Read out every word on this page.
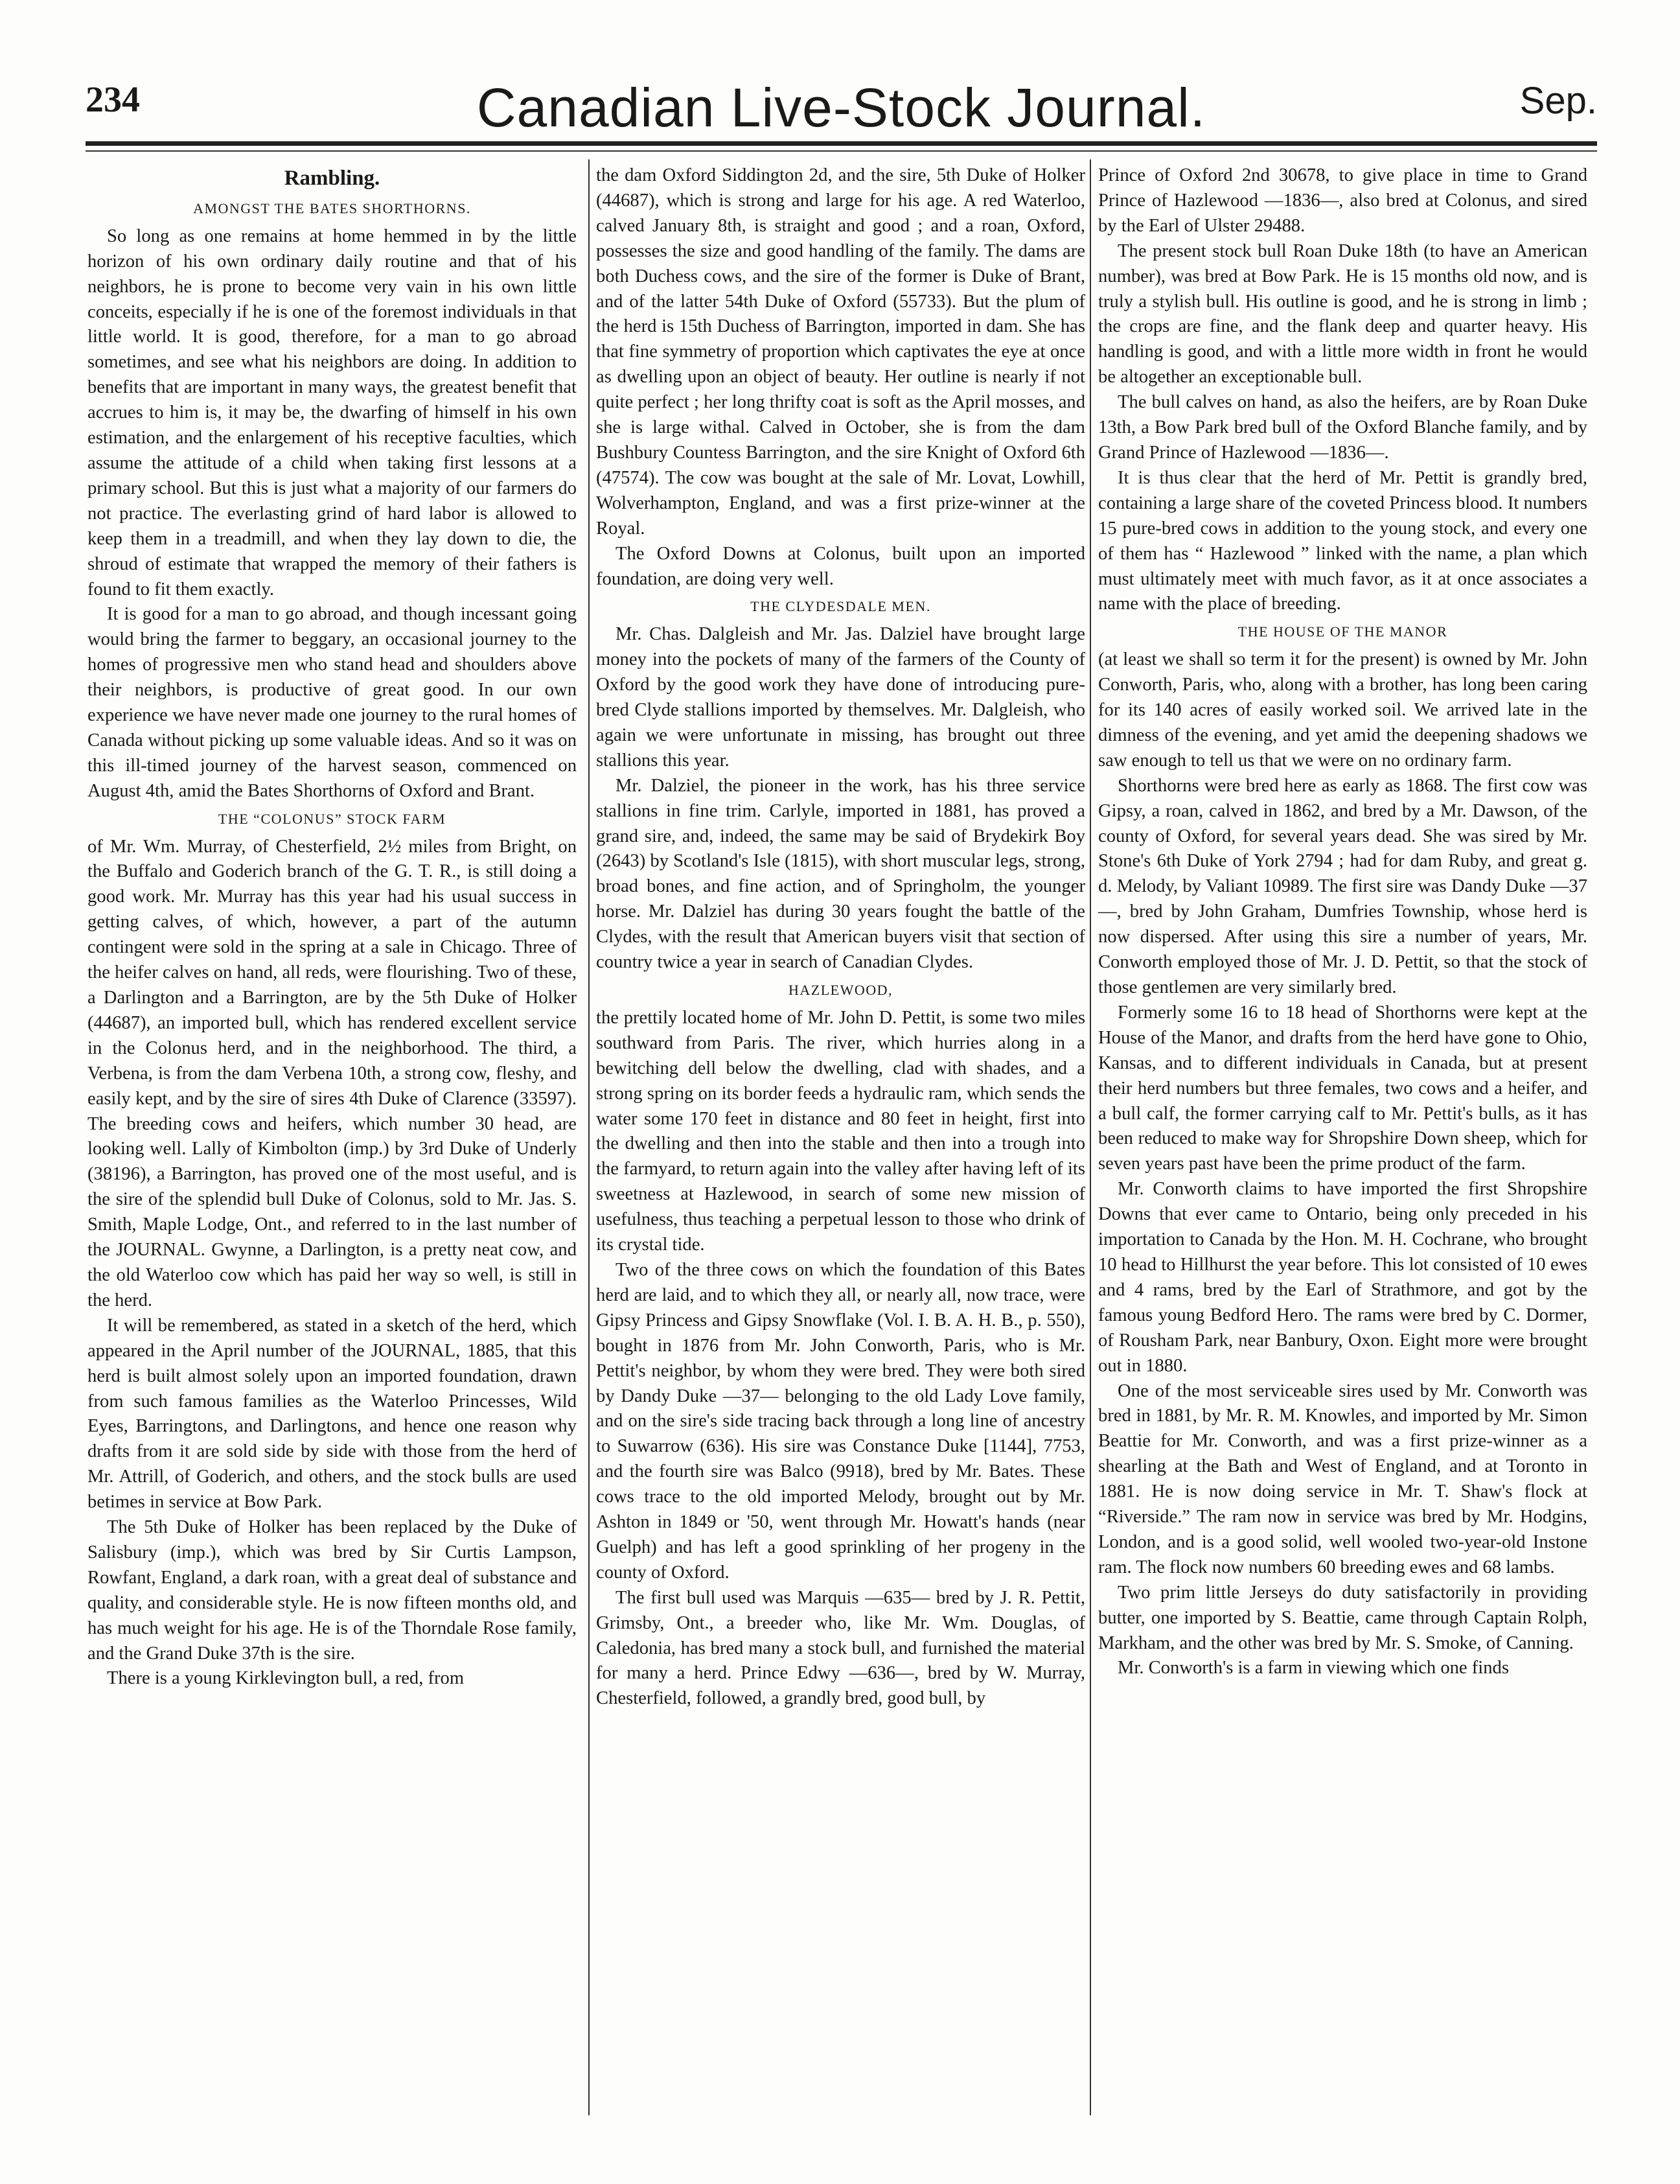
234	Canadian Live-Stock Journal.	Sep.
Rambling.
AMONGST THE BATES SHORTHORNS.

So long as one remains at home hemmed in by the little horizon of his own ordinary daily routine and that of his neighbors, he is prone to become very vain in his own little conceits, especially if he is one of the foremost individuals in that little world. It is good, therefore, for a man to go abroad sometimes, and see what his neighbors are doing. In addition to benefits that are important in many ways, the greatest benefit that accrues to him is, it may be, the dwarfing of himself in his own estimation, and the enlargement of his receptive faculties, which assume the attitude of a child when taking first lessons at a primary school. But this is just what a majority of our farmers do not practice. The everlasting grind of hard labor is allowed to keep them in a treadmill, and when they lay down to die, the shroud of estimate that wrapped the memory of their fathers is found to fit them exactly.

It is good for a man to go abroad, and though incessant going would bring the farmer to beggary, an occasional journey to the homes of progressive men who stand head and shoulders above their neighbors, is productive of great good. In our own experience we have never made one journey to the rural homes of Canada without picking up some valuable ideas. And so it was on this ill-timed journey of the harvest season, commenced on August 4th, amid the Bates Shorthorns of Oxford and Brant.

THE “COLONUS” STOCK FARM

of Mr. Wm. Murray, of Chesterfield, 2½ miles from Bright, on the Buffalo and Goderich branch of the G. T. R., is still doing a good work. Mr. Murray has this year had his usual success in getting calves, of which, however, a part of the autumn contingent were sold in the spring at a sale in Chicago. Three of the heifer calves on hand, all reds, were flourishing. Two of these, a Darlington and a Barrington, are by the 5th Duke of Holker (44687), an imported bull, which has rendered excellent service in the Colonus herd, and in the neighborhood. The third, a Verbena, is from the dam Verbena 10th, a strong cow, fleshy, and easily kept, and by the sire of sires 4th Duke of Clarence (33597). The breeding cows and heifers, which number 30 head, are looking well. Lally of Kimbolton (imp.) by 3rd Duke of Underly (38196), a Barrington, has proved one of the most useful, and is the sire of the splendid bull Duke of Colonus, sold to Mr. Jas. S. Smith, Maple Lodge, Ont., and referred to in the last number of the JOURNAL. Gwynne, a Darlington, is a pretty neat cow, and the old Waterloo cow which has paid her way so well, is still in the herd.

It will be remembered, as stated in a sketch of the herd, which appeared in the April number of the JOURNAL, 1885, that this herd is built almost solely upon an imported foundation, drawn from such famous families as the Waterloo Princesses, Wild Eyes, Barringtons, and Darlingtons, and hence one reason why drafts from it are sold side by side with those from the herd of Mr. Attrill, of Goderich, and others, and the stock bulls are used betimes in service at Bow Park.

The 5th Duke of Holker has been replaced by the Duke of Salisbury (imp.), which was bred by Sir Curtis Lampson, Rowfant, England, a dark roan, with a great deal of substance and quality, and considerable style. He is now fifteen months old, and has much weight for his age. He is of the Thorndale Rose family, and the Grand Duke 37th is the sire.

There is a young Kirklevington bull, a red, from

the dam Oxford Siddington 2d, and the sire, 5th Duke of Holker (44687), which is strong and large for his age. A red Waterloo, calved January 8th, is straight and good ; and a roan, Oxford, possesses the size and good handling of the family. The dams are both Duchess cows, and the sire of the former is Duke of Brant, and of the latter 54th Duke of Oxford (55733). But the plum of the herd is 15th Duchess of Barrington, imported in dam. She has that fine symmetry of proportion which captivates the eye at once as dwelling upon an object of beauty. Her outline is nearly if not quite perfect ; her long thrifty coat is soft as the April mosses, and she is large withal. Calved in October, she is from the dam Bushbury Countess Barrington, and the sire Knight of Oxford 6th (47574). The cow was bought at the sale of Mr. Lovat, Lowhill, Wolverhampton, England, and was a first prize-winner at the Royal.

The Oxford Downs at Colonus, built upon an imported foundation, are doing very well.

THE CLYDESDALE MEN.

Mr. Chas. Dalgleish and Mr. Jas. Dalziel have brought large money into the pockets of many of the farmers of the County of Oxford by the good work they have done of introducing pure-bred Clyde stallions imported by themselves. Mr. Dalgleish, who again we were unfortunate in missing, has brought out three stallions this year.

Mr. Dalziel, the pioneer in the work, has his three service stallions in fine trim. Carlyle, imported in 1881, has proved a grand sire, and, indeed, the same may be said of Brydekirk Boy (2643) by Scotland's Isle (1815), with short muscular legs, strong, broad bones, and fine action, and of Springholm, the younger horse. Mr. Dalziel has during 30 years fought the battle of the Clydes, with the result that American buyers visit that section of country twice a year in search of Canadian Clydes.

HAZLEWOOD,

the prettily located home of Mr. John D. Pettit, is some two miles southward from Paris. The river, which hurries along in a bewitching dell below the dwelling, clad with shades, and a strong spring on its border feeds a hydraulic ram, which sends the water some 170 feet in distance and 80 feet in height, first into the dwelling and then into the stable and then into a trough into the farmyard, to return again into the valley after having left of its sweetness at Hazlewood, in search of some new mission of usefulness, thus teaching a perpetual lesson to those who drink of its crystal tide.

Two of the three cows on which the foundation of this Bates herd are laid, and to which they all, or nearly all, now trace, were Gipsy Princess and Gipsy Snowflake (Vol. I. B. A. H. B., p. 550), bought in 1876 from Mr. John Conworth, Paris, who is Mr. Pettit's neighbor, by whom they were bred. They were both sired by Dandy Duke —37— belonging to the old Lady Love family, and on the sire's side tracing back through a long line of ancestry to Suwarrow (636). His sire was Constance Duke [1144], 7753, and the fourth sire was Balco (9918), bred by Mr. Bates. These cows trace to the old imported Melody, brought out by Mr. Ashton in 1849 or '50, went through Mr. Howatt's hands (near Guelph) and has left a good sprinkling of her progeny in the county of Oxford.

The first bull used was Marquis —635— bred by J. R. Pettit, Grimsby, Ont., a breeder who, like Mr. Wm. Douglas, of Caledonia, has bred many a stock bull, and furnished the material for many a herd. Prince Edwy —636—, bred by W. Murray, Chesterfield, followed, a grandly bred, good bull, by

Prince of Oxford 2nd 30678, to give place in time to Grand Prince of Hazlewood —1836—, also bred at Colonus, and sired by the Earl of Ulster 29488.

The present stock bull Roan Duke 18th (to have an American number), was bred at Bow Park. He is 15 months old now, and is truly a stylish bull. His outline is good, and he is strong in limb ; the crops are fine, and the flank deep and quarter heavy. His handling is good, and with a little more width in front he would be altogether an exceptionable bull.

The bull calves on hand, as also the heifers, are by Roan Duke 13th, a Bow Park bred bull of the Oxford Blanche family, and by Grand Prince of Hazlewood —1836—.

It is thus clear that the herd of Mr. Pettit is grandly bred, containing a large share of the coveted Princess blood. It numbers 15 pure-bred cows in addition to the young stock, and every one of them has “ Hazlewood ” linked with the name, a plan which must ultimately meet with much favor, as it at once associates a name with the place of breeding.

THE HOUSE OF THE MANOR

(at least we shall so term it for the present) is owned by Mr. John Conworth, Paris, who, along with a brother, has long been caring for its 140 acres of easily worked soil. We arrived late in the dimness of the evening, and yet amid the deepening shadows we saw enough to tell us that we were on no ordinary farm.

Shorthorns were bred here as early as 1868. The first cow was Gipsy, a roan, calved in 1862, and bred by a Mr. Dawson, of the county of Oxford, for several years dead. She was sired by Mr. Stone's 6th Duke of York 2794 ; had for dam Ruby, and great g. d. Melody, by Valiant 10989. The first sire was Dandy Duke —37—, bred by John Graham, Dumfries Township, whose herd is now dispersed. After using this sire a number of years, Mr. Conworth employed those of Mr. J. D. Pettit, so that the stock of those gentlemen are very similarly bred.

Formerly some 16 to 18 head of Shorthorns were kept at the House of the Manor, and drafts from the herd have gone to Ohio, Kansas, and to different individuals in Canada, but at present their herd numbers but three females, two cows and a heifer, and a bull calf, the former carrying calf to Mr. Pettit's bulls, as it has been reduced to make way for Shropshire Down sheep, which for seven years past have been the prime product of the farm.

Mr. Conworth claims to have imported the first Shropshire Downs that ever came to Ontario, being only preceded in his importation to Canada by the Hon. M. H. Cochrane, who brought 10 head to Hillhurst the year before. This lot consisted of 10 ewes and 4 rams, bred by the Earl of Strathmore, and got by the famous young Bedford Hero. The rams were bred by C. Dormer, of Rousham Park, near Banbury, Oxon. Eight more were brought out in 1880.

One of the most serviceable sires used by Mr. Conworth was bred in 1881, by Mr. R. M. Knowles, and imported by Mr. Simon Beattie for Mr. Conworth, and was a first prize-winner as a shearling at the Bath and West of England, and at Toronto in 1881. He is now doing service in Mr. T. Shaw's flock at “Riverside.” The ram now in service was bred by Mr. Hodgins, London, and is a good solid, well wooled two-year-old Instone ram. The flock now numbers 60 breeding ewes and 68 lambs.

Two prim little Jerseys do duty satisfactorily in providing butter, one imported by S. Beattie, came through Captain Rolph, Markham, and the other was bred by Mr. S. Smoke, of Canning.

Mr. Conworth's is a farm in viewing which one finds
